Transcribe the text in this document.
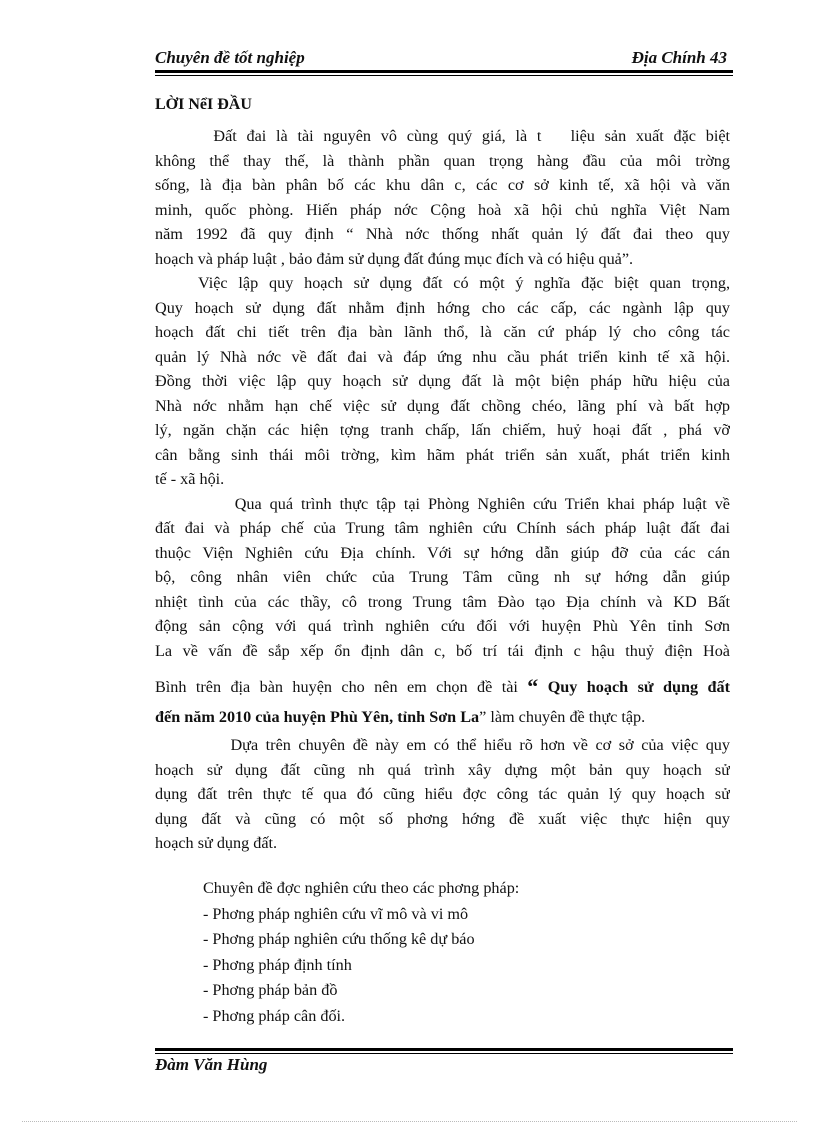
Chuyên đề tốt nghiệp	Địa Chính 43
LỜI NểI ĐẦU
Đất đai là tài nguyên vô cùng quý giá, là t   liệu sản xuất đặc biệt
không thể thay thế, là thành phần quan trọng hàng đầu của môi trờng
sống, là địa bàn phân bố các khu dân c, các cơ sở kinh tế, xã hội và văn
minh, quốc phòng. Hiến pháp nớc Cộng hoà xã hội chủ nghĩa Việt Nam
năm 1992 đã quy định “ Nhà nớc thống nhất quản lý đất đai theo quy
hoạch và pháp luật , bảo đảm sử dụng đất đúng mục đích và có hiệu quả”.
Việc lập quy hoạch sử dụng đất có một ý nghĩa đặc biệt quan trọng,
Quy hoạch sử dụng đất nhằm định hớng cho các cấp, các ngành lập quy
hoạch đất chi tiết trên địa bàn lãnh thổ, là căn cứ pháp lý cho công tác
quản lý Nhà nớc về đất đai và đáp ứng nhu cầu phát triển kinh tế xã hội.
Đồng thời việc lập quy hoạch sử dụng đất là một biện pháp hữu hiệu của
Nhà nớc nhằm hạn chế việc sử dụng đất chồng chéo, lãng phí và bất hợp
lý, ngăn chặn các hiện tợng tranh chấp, lấn chiếm, huỷ hoại đất , phá vỡ
cân bằng sinh thái môi trờng, kìm hãm phát triển sản xuất, phát triển kinh
tế - xã hội.
Qua quá trình thực tập tại Phòng Nghiên cứu Triển khai pháp luật về
đất đai và pháp chế của Trung tâm nghiên cứu Chính sách pháp luật đất đai
thuộc Viện Nghiên cứu Địa chính. Với sự hớng dẫn giúp đỡ của các cán
bộ, công nhân viên chức của Trung Tâm cũng nh sự hớng dẫn giúp
nhiệt tình của các thầy, cô trong Trung tâm Đào tạo Địa chính và KD Bất
động sản cộng với quá trình nghiên cứu đối với huyện Phù Yên tỉnh Sơn
La về vấn đề sắp xếp ổn định dân c, bố trí tái định c hậu thuỷ điện Hoà
Bình trên địa bàn huyện cho nên em chọn đề tài “ Quy hoạch sử dụng đất
đến năm 2010 của huyện Phù Yên, tỉnh Sơn La” làm chuyên đề thực tập.
Dựa trên chuyên đề này em có thể hiểu rõ hơn về cơ sở của việc quy
hoạch sử dụng đất cũng nh quá trình xây dựng một bản quy hoạch sử
dụng đất trên thực tế qua đó cũng hiểu đợc công tác quản lý quy hoạch sử
dụng đất và cũng có một số phơng hớng đề xuất việc thực hiện quy
hoạch sử dụng đất.
Chuyên đề đợc nghiên cứu theo các phơng pháp:
- Phơng pháp nghiên cứu vĩ mô và vi mô
- Phơng pháp nghiên cứu thống kê dự báo
- Phơng pháp định tính
- Phơng pháp bản đồ
- Phơng pháp cân đối.
Đàm Văn Hùng
